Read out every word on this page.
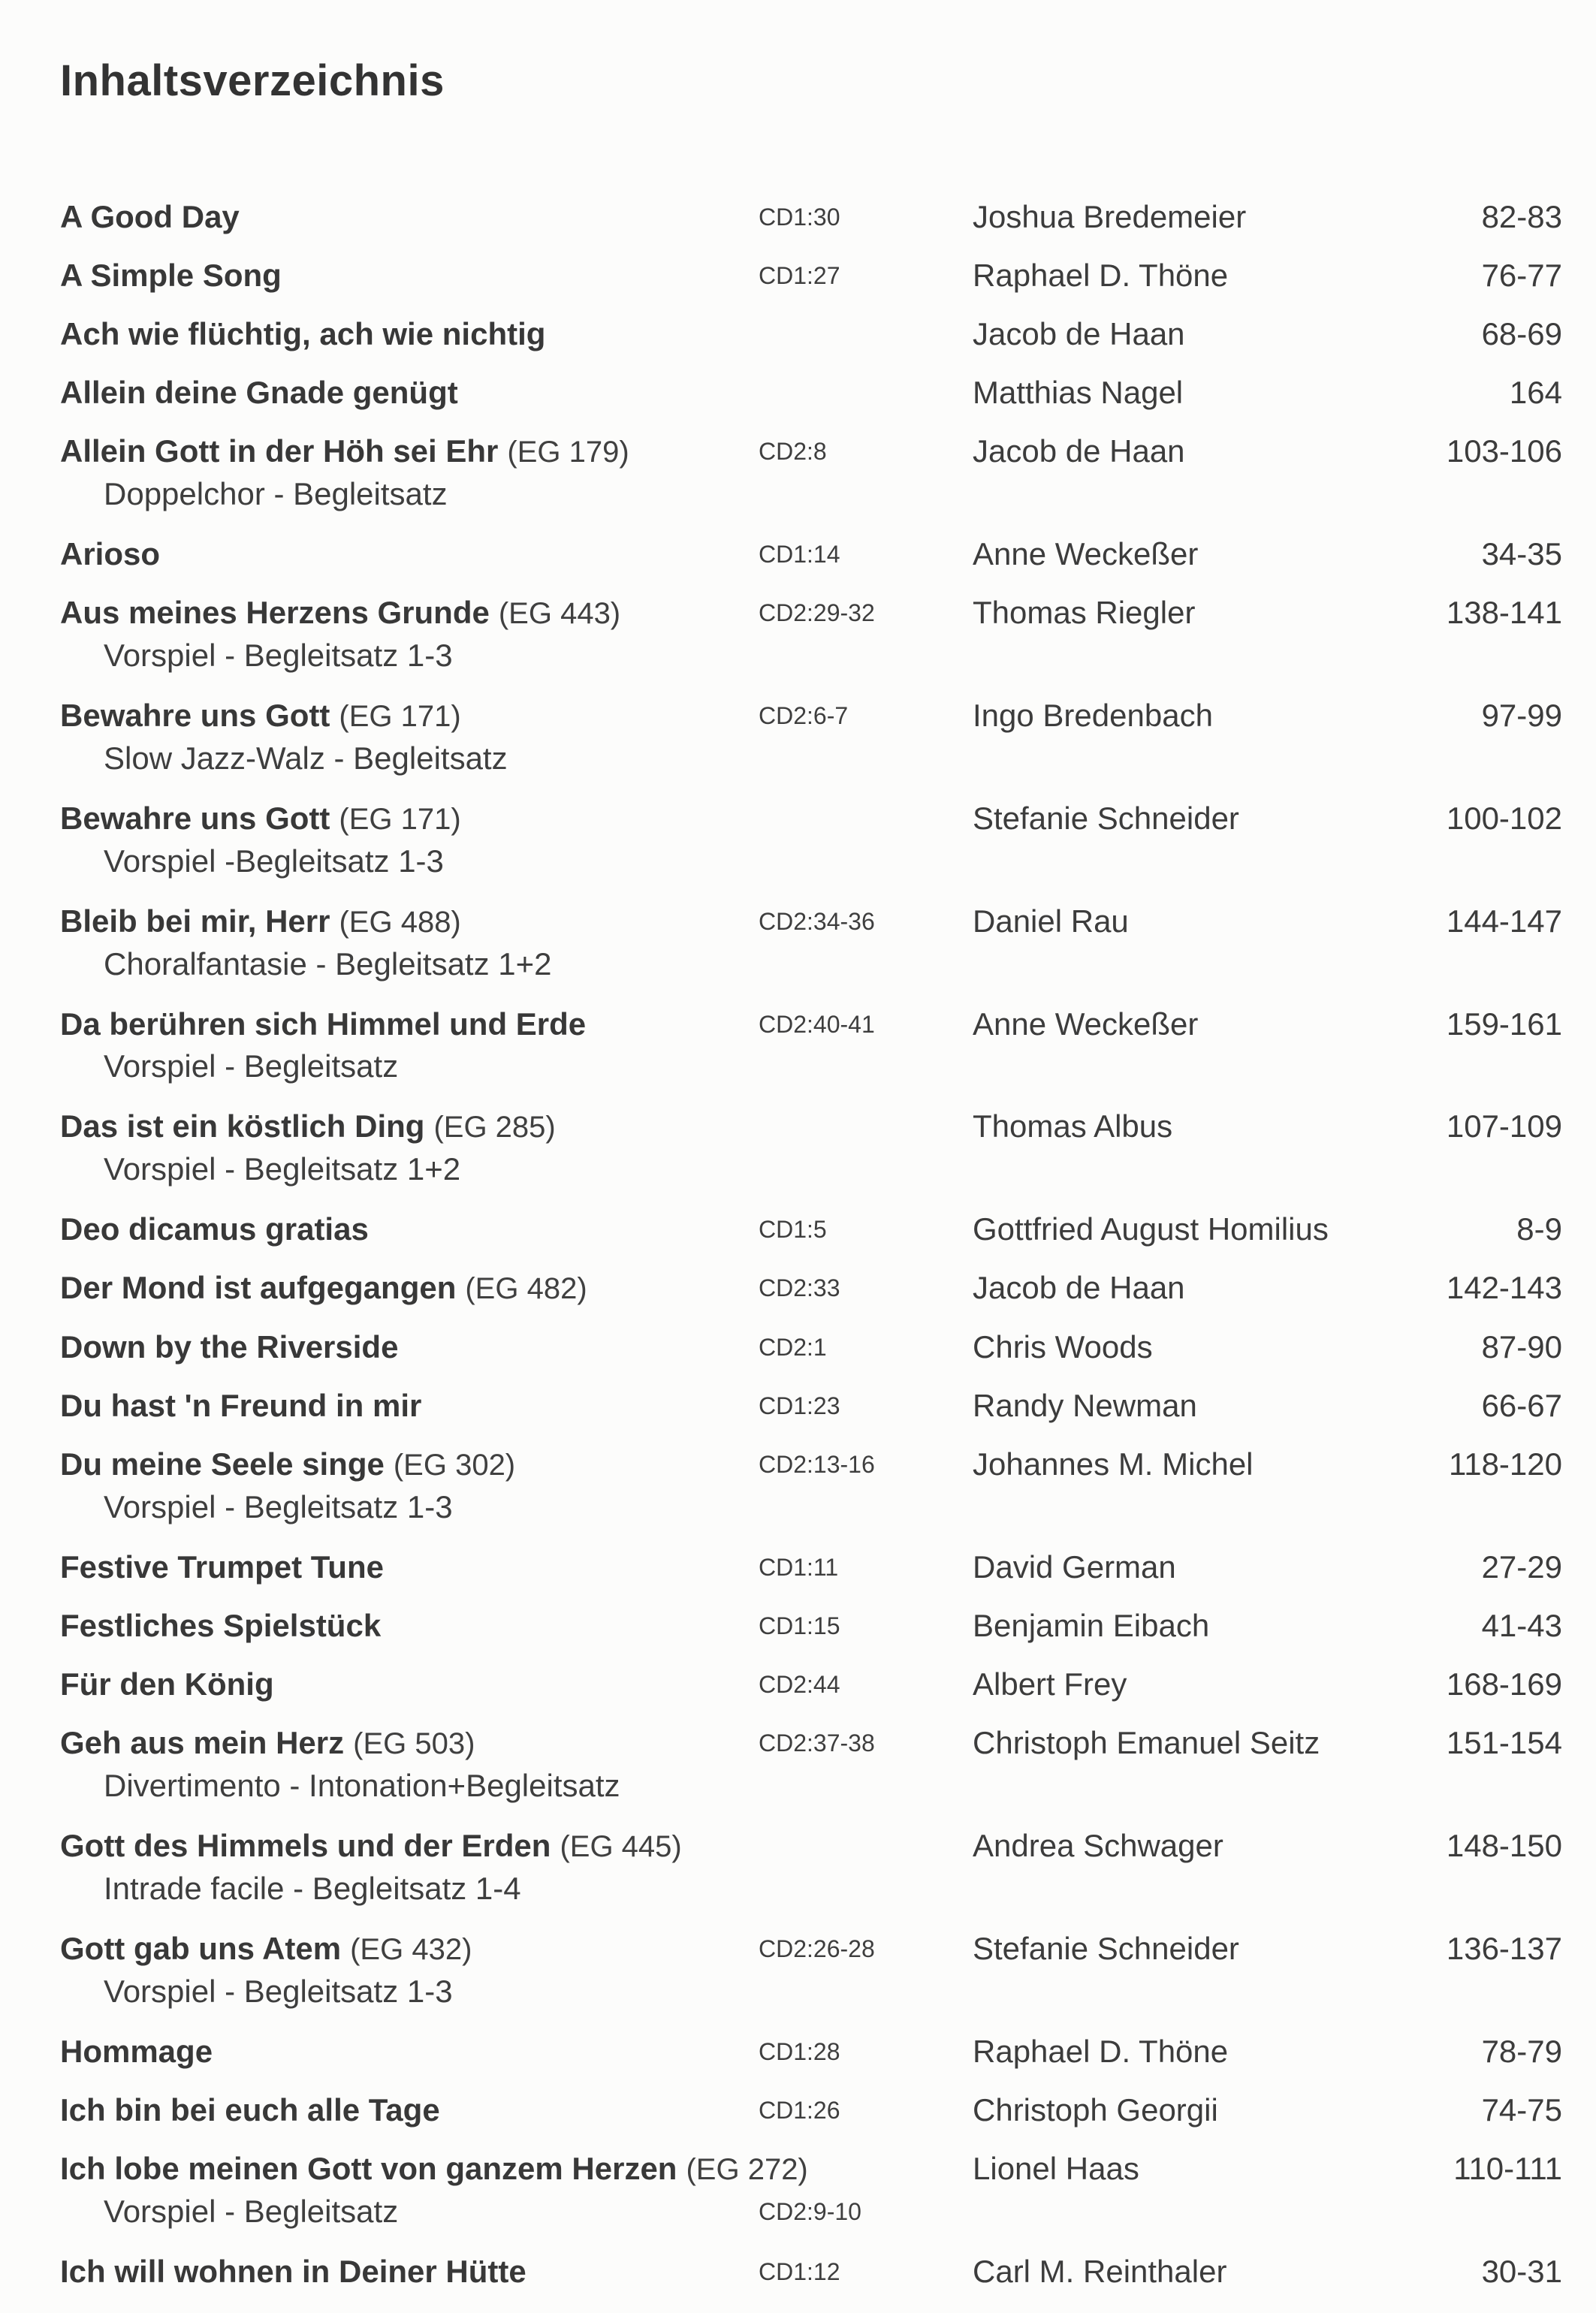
Inhaltsverzeichnis
A Good Day	CD1:30	Joshua Bredemeier	82-83
A Simple Song	CD1:27	Raphael D. Thöne	76-77
Ach wie flüchtig, ach wie nichtig	Jacob de Haan	68-69
Allein deine Gnade genügt	Matthias Nagel	164
Allein Gott in der Höh sei Ehr (EG 179)	CD2:8	Jacob de Haan	103-106
Doppelchor - Begleitsatz
Arioso	CD1:14	Anne Weckeßer	34-35
Aus meines Herzens Grunde (EG 443)	CD2:29-32	Thomas Riegler	138-141
Vorspiel - Begleitsatz 1-3
Bewahre uns Gott (EG 171)	CD2:6-7	Ingo Bredenbach	97-99
Slow Jazz-Walz - Begleitsatz
Bewahre uns Gott (EG 171)	Stefanie Schneider	100-102
Vorspiel -Begleitsatz 1-3
Bleib bei mir, Herr (EG 488)	CD2:34-36	Daniel Rau	144-147
Choralfantasie - Begleitsatz 1+2
Da berühren sich Himmel und Erde	CD2:40-41	Anne Weckeßer	159-161
Vorspiel - Begleitsatz
Das ist ein köstlich Ding (EG 285)	Thomas Albus	107-109
Vorspiel - Begleitsatz 1+2
Deo dicamus gratias	CD1:5	Gottfried August Homilius	8-9
Der Mond ist aufgegangen (EG 482)	CD2:33	Jacob de Haan	142-143
Down by the Riverside	CD2:1	Chris Woods	87-90
Du hast 'n Freund in mir	CD1:23	Randy Newman	66-67
Du meine Seele singe (EG 302)	CD2:13-16	Johannes M. Michel	118-120
Vorspiel - Begleitsatz 1-3
Festive Trumpet Tune	CD1:11	David German	27-29
Festliches Spielstück	CD1:15	Benjamin Eibach	41-43
Für den König	CD2:44	Albert Frey	168-169
Geh aus mein Herz (EG 503)	CD2:37-38	Christoph Emanuel Seitz	151-154
Divertimento - Intonation+Begleitsatz
Gott des Himmels und der Erden (EG 445)	Andrea Schwager	148-150
Intrade facile - Begleitsatz 1-4
Gott gab uns Atem (EG 432)	CD2:26-28	Stefanie Schneider	136-137
Vorspiel - Begleitsatz 1-3
Hommage	CD1:28	Raphael D. Thöne	78-79
Ich bin bei euch alle Tage	CD1:26	Christoph Georgii	74-75
Ich lobe meinen Gott von ganzem Herzen (EG 272)	Lionel Haas	110-111
Vorspiel - Begleitsatz	CD2:9-10
Ich will wohnen in Deiner Hütte	CD1:12	Carl M. Reinthaler	30-31
